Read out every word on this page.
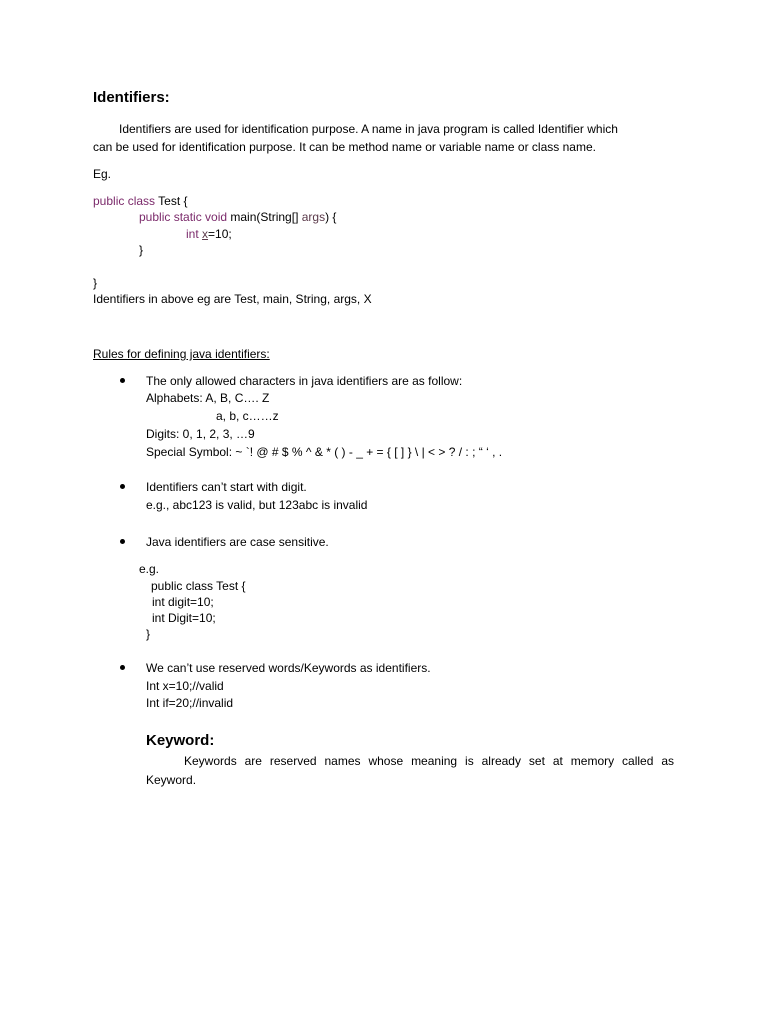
Identifiers:
Identifiers are used for identification purpose. A name in java program is called Identifier which
can be used for identification purpose. It can be method name or variable name or class name.
Eg.
public class Test {
public static void main(String[] args) {
int x=10;
}
}
Identifiers in above eg are Test, main, String, args, X
Rules for defining java identifiers:
The only allowed characters in java identifiers are as follow:
Alphabets: A, B, C…. Z
a, b, c……z
Digits: 0, 1, 2, 3, …9
Special Symbol: ~ `! @ # $ % ^ & * ( ) - _ + = { [ ] } \ | < > ? / : ; “ ‘ , .
Identifiers can’t start with digit.
e.g., abc123 is valid, but 123abc is invalid
Java identifiers are case sensitive.
e.g.
public class Test {
int digit=10;
int Digit=10;
}
We can’t use reserved words/Keywords as identifiers.
Int x=10;//valid
Int if=20;//invalid
Keyword:
Keywords are reserved names whose meaning is already set at memory called as
Keyword.
